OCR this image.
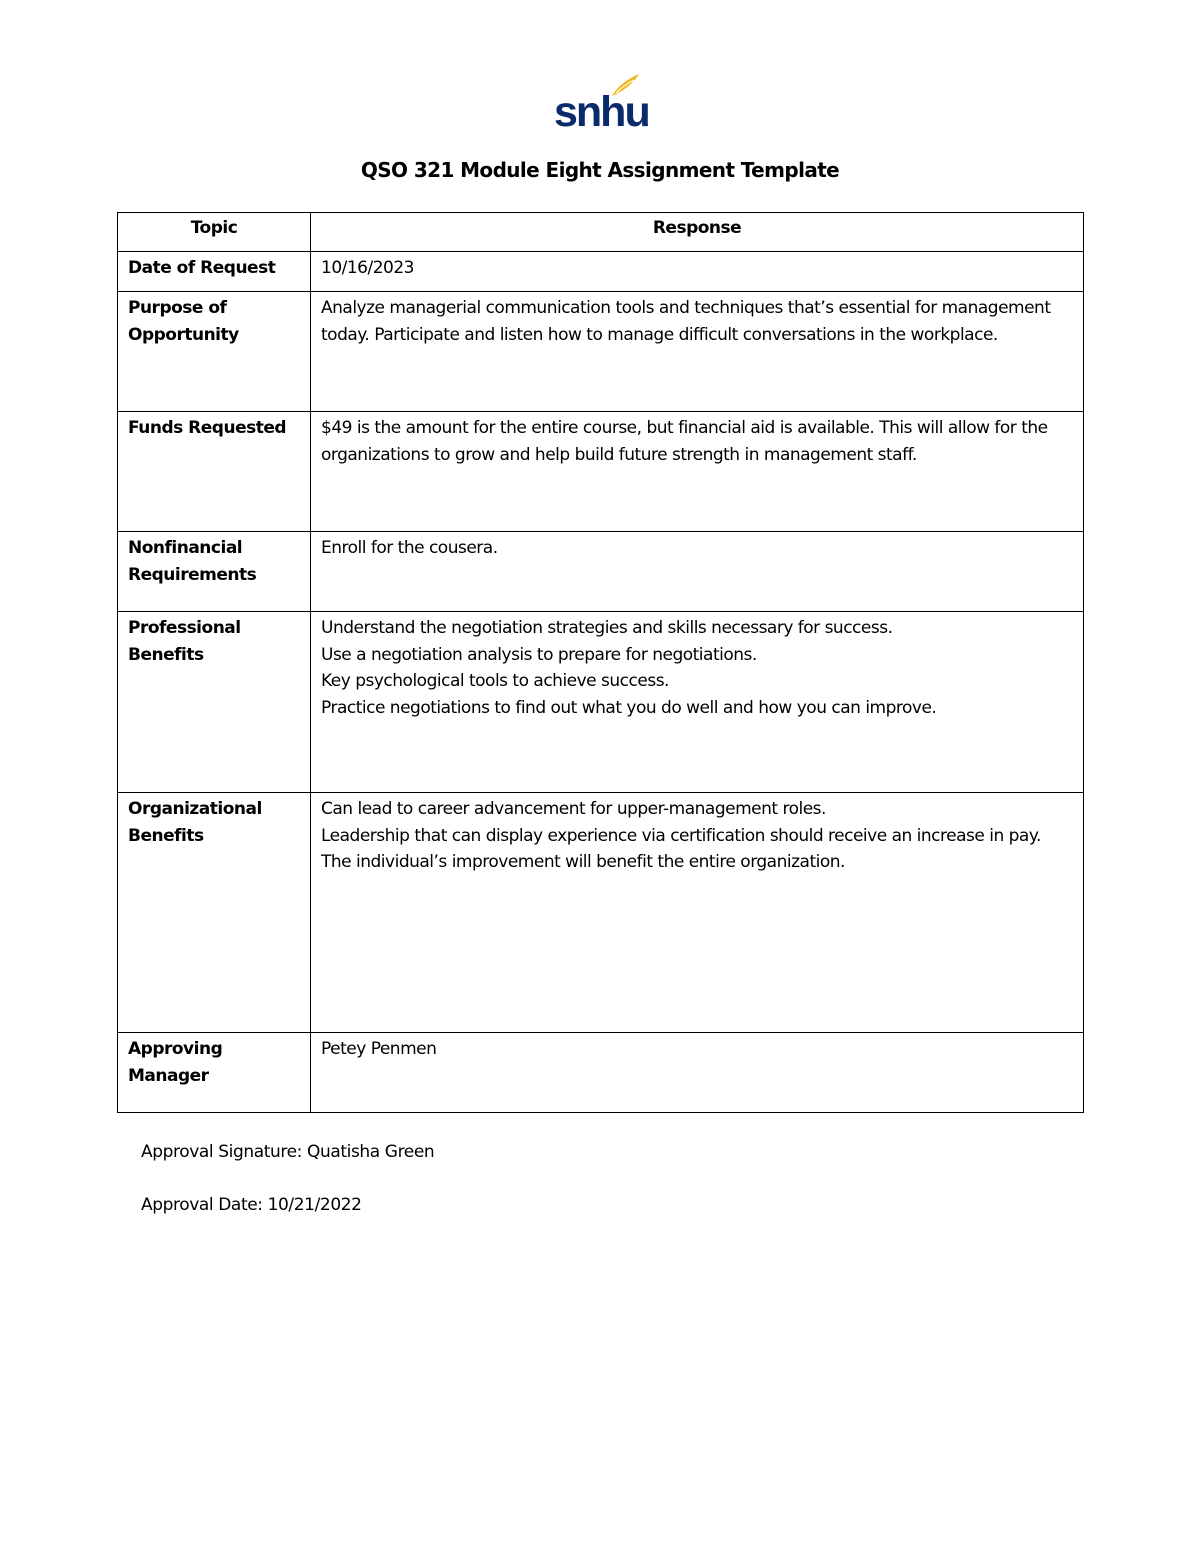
snhu
QSO 321 Module Eight Assignment Template
Topic	Response
Date of Request	10/16/2023

Purpose of Opportunity	Analyze managerial communication tools and techniques that’s essential for management today. Participate and listen how to manage difficult conversations in the workplace.

Funds Requested	$49 is the amount for the entire course, but financial aid is available. This will allow for the organizations to grow and help build future strength in management staff.

Nonfinancial Requirements	Enroll for the cousera.

Professional Benefits	Understand the negotiation strategies and skills necessary for success.
Use a negotiation analysis to prepare for negotiations.
Key psychological tools to achieve success.
Practice negotiations to find out what you do well and how you can improve.

Organizational Benefits	Can lead to career advancement for upper-management roles.
Leadership that can display experience via certification should receive an increase in pay. The individual’s improvement will benefit the entire organization.

Approving Manager	Petey Penmen
Approval Signature: Quatisha Green
Approval Date: 10/21/2022
